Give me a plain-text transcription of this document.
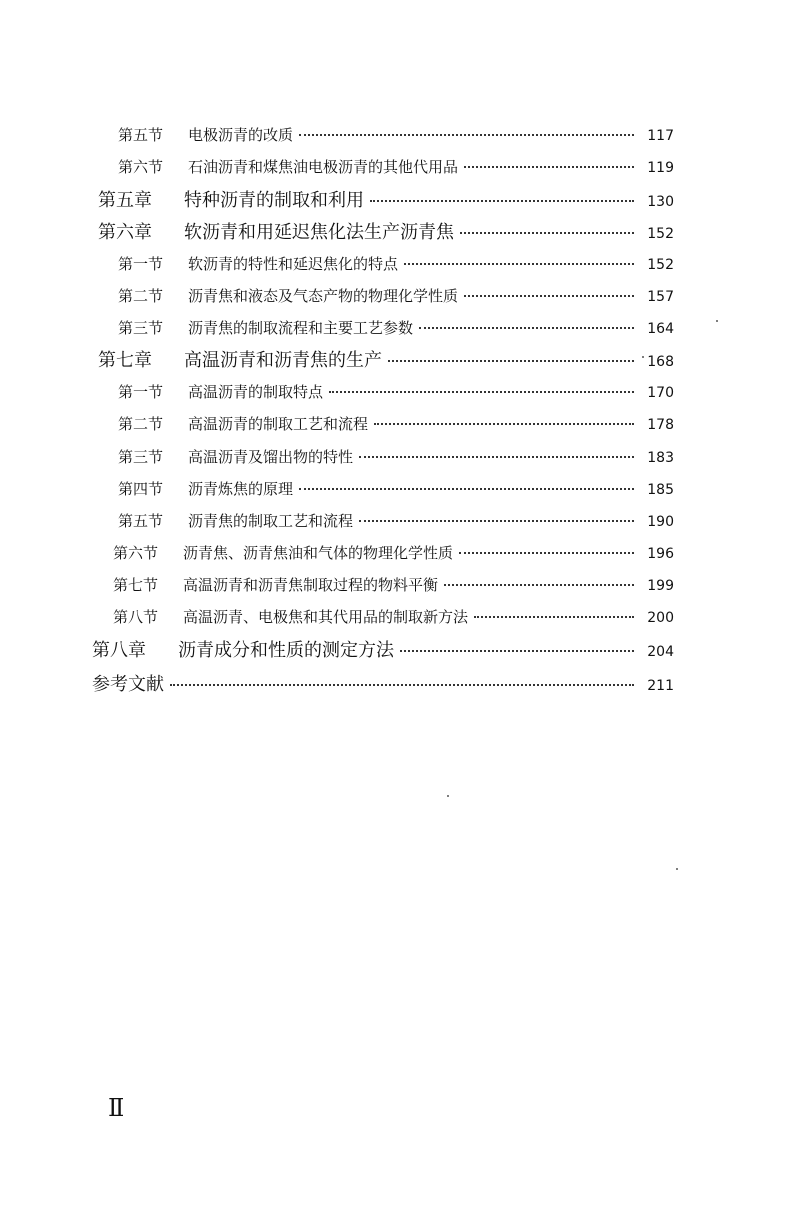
第五节	电极沥青的改质	117
第六节	石油沥青和煤焦油电极沥青的其他代用品	119
第五章	特种沥青的制取和利用	130
第六章	软沥青和用延迟焦化法生产沥青焦	152
第一节	软沥青的特性和延迟焦化的特点	152
第二节	沥青焦和液态及气态产物的物理化学性质	157
第三节	沥青焦的制取流程和主要工艺参数	164
第七章	高温沥青和沥青焦的生产	168
第一节	高温沥青的制取特点	170
第二节	高温沥青的制取工艺和流程	178
第三节	高温沥青及馏出物的特性	183
第四节	沥青炼焦的原理	185
第五节	沥青焦的制取工艺和流程	190
第六节	沥青焦、沥青焦油和气体的物理化学性质	196
第七节	高温沥青和沥青焦制取过程的物料平衡	199
第八节	高温沥青、电极焦和其代用品的制取新方法	200
第八章	沥青成分和性质的测定方法	204
参考文献	211
Ⅱ
